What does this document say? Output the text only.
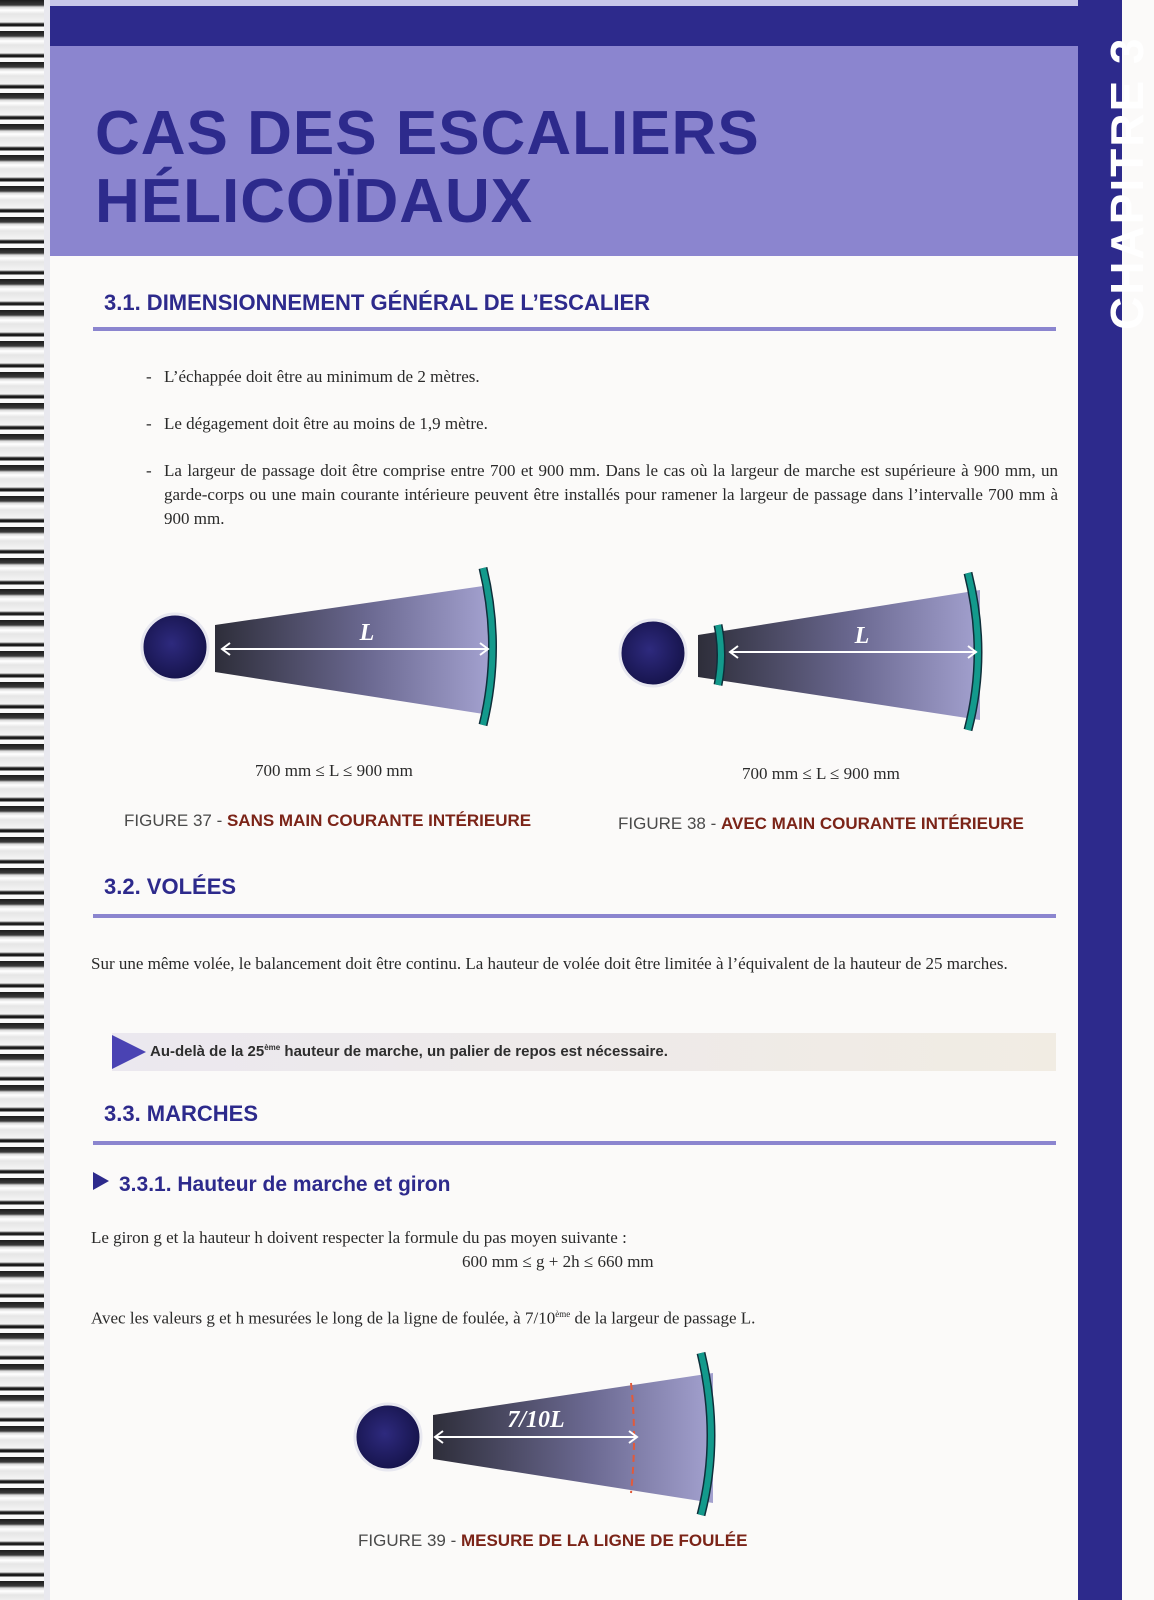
CHAPITRE 3
CAS DES ESCALIERS
HÉLICOÏDAUX
3.1. DIMENSIONNEMENT GÉNÉRAL DE L’ESCALIER
- L’échappée doit être au minimum de 2 mètres.
- Le dégagement doit être au moins de 1,9 mètre.
- La largeur de passage doit être comprise entre 700 et 900 mm. Dans le cas où la largeur de marche est supérieure à 900 mm, un garde-corps ou une main courante intérieure peuvent être installés pour ramener la largeur de passage dans l’intervalle 700 mm à 900 mm.
L
700 mm ≤ L ≤ 900 mm
FIGURE 37 - SANS MAIN COURANTE INTÉRIEURE
L
700 mm ≤ L ≤ 900 mm
FIGURE 38 - AVEC MAIN COURANTE INTÉRIEURE
3.2. VOLÉES

Sur une même volée, le balancement doit être continu. La hauteur de volée doit être limitée à l’équivalent de la hauteur de 25 marches.

Au-delà de la 25ème hauteur de marche, un palier de repos est nécessaire.
3.3. MARCHES
3.3.1. Hauteur de marche et giron

Le giron g et la hauteur h doivent respecter la formule du pas moyen suivante :

600 mm ≤ g + 2h ≤ 660 mm

Avec les valeurs g et h mesurées le long de la ligne de foulée, à 7/10ème de la largeur de passage L.

7/10L
FIGURE 39 - MESURE DE LA LIGNE DE FOULÉE
